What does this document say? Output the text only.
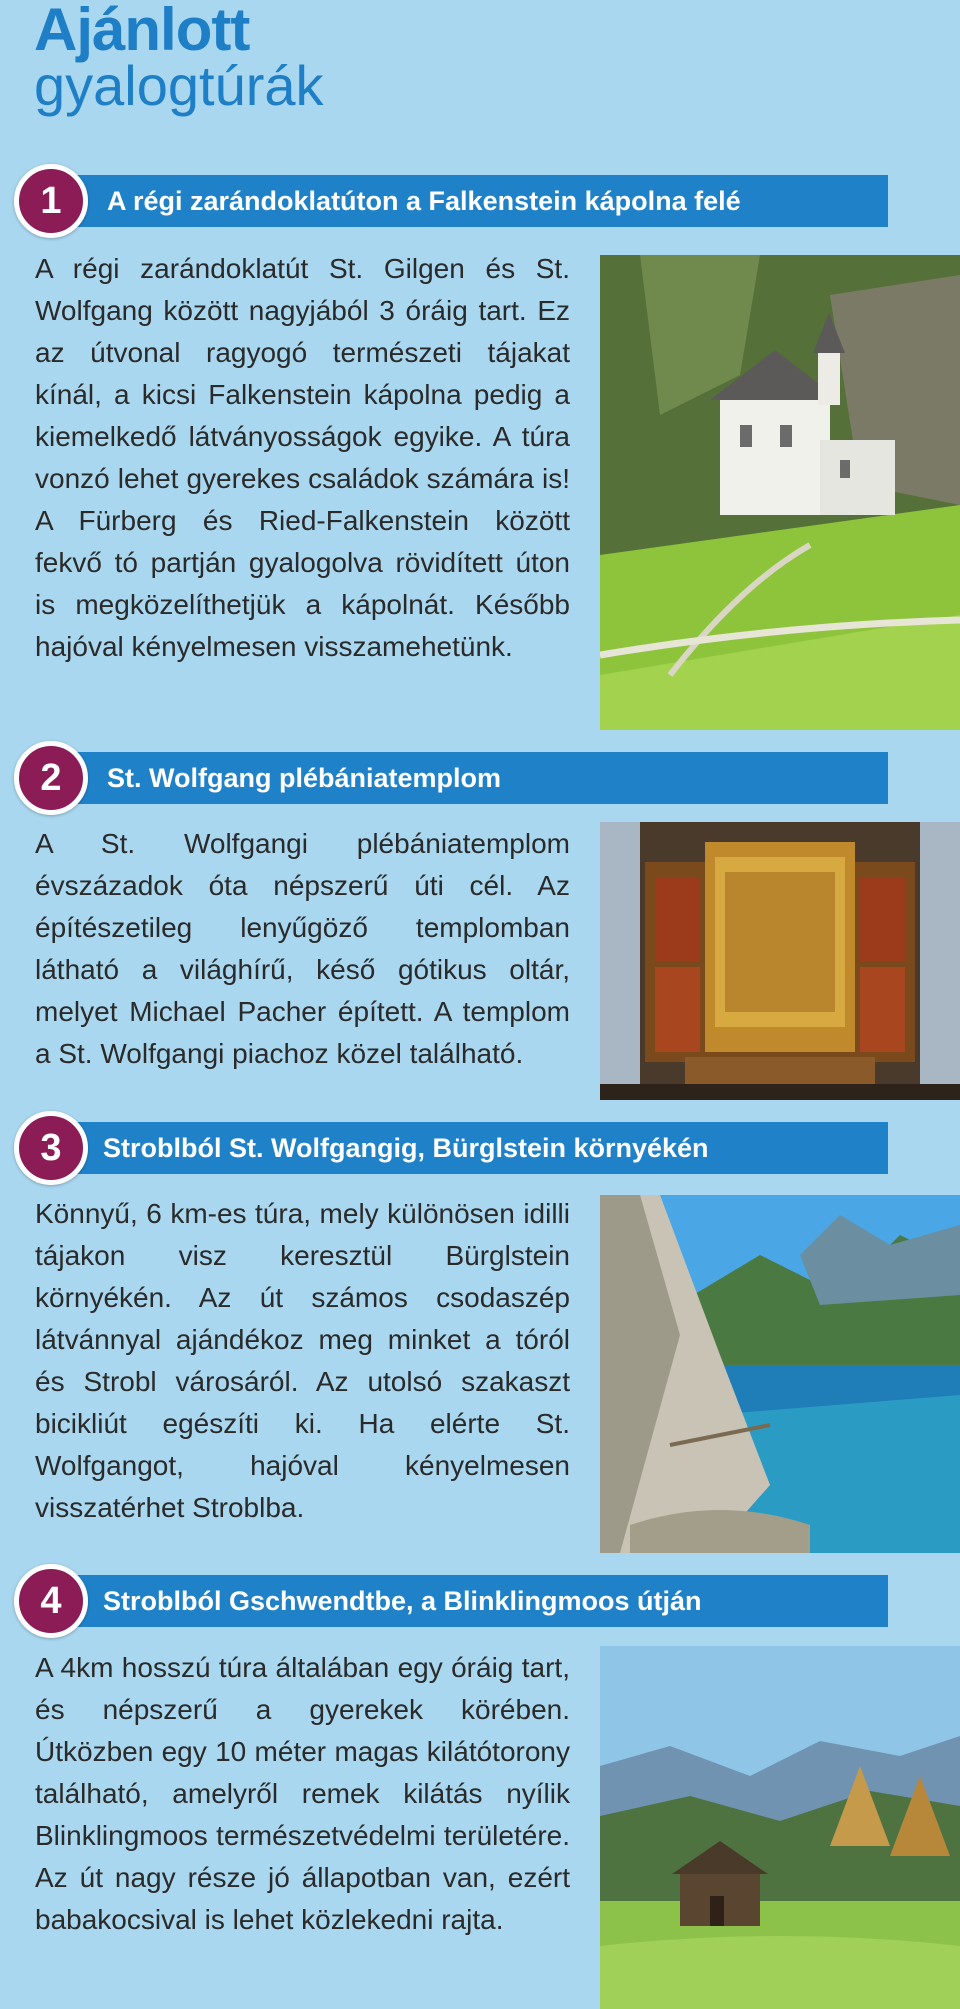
Ajánlott
gyalogtúrák
A régi zarándoklatúton a Falkenstein kápolna felé
1

A régi zarándoklatút St. Gilgen és St. Wolfgang között nagyjából 3 óráig tart. Ez az útvonal ragyogó természeti tájakat kínál, a kicsi Falkenstein kápolna pedig a kiemelkedő látványosságok egyike. A túra vonzó lehet gyerekes családok számára is! A Fürberg és Ried-Falkenstein között fekvő tó partján gyalogolva rövidített úton is megközelíthetjük a kápolnát. Később hajóval kényelmesen visszamehetünk.

St. Wolfgang plébániatemplom
2

A St. Wolfgangi plébániatemplom évszázadok óta népszerű úti cél. Az építészetileg lenyűgöző templomban látható a világhírű, késő gótikus oltár, melyet Michael Pacher épített. A templom a St. Wolfgangi piachoz közel található.

Stroblból St. Wolfgangig, Bürglstein környékén
3

Könnyű, 6 km-es túra, mely különösen idilli tájakon visz keresztül Bürglstein környékén. Az út számos csodaszép látvánnyal ajándékoz meg minket a tóról és Strobl városáról. Az utolsó szakaszt bicikliút egészíti ki. Ha elérte St. Wolfgangot, hajóval kényelmesen visszatérhet Stroblba.

Stroblból Gschwendtbe, a Blinklingmoos útján
4

A 4km hosszú túra általában egy óráig tart, és népszerű a gyerekek körében. Útközben egy 10 méter magas kilátótorony található, amelyről remek kilátás nyílik Blinklingmoos természetvédelmi területére. Az út nagy része jó állapotban van, ezért babakocsival is lehet közlekedni rajta.
